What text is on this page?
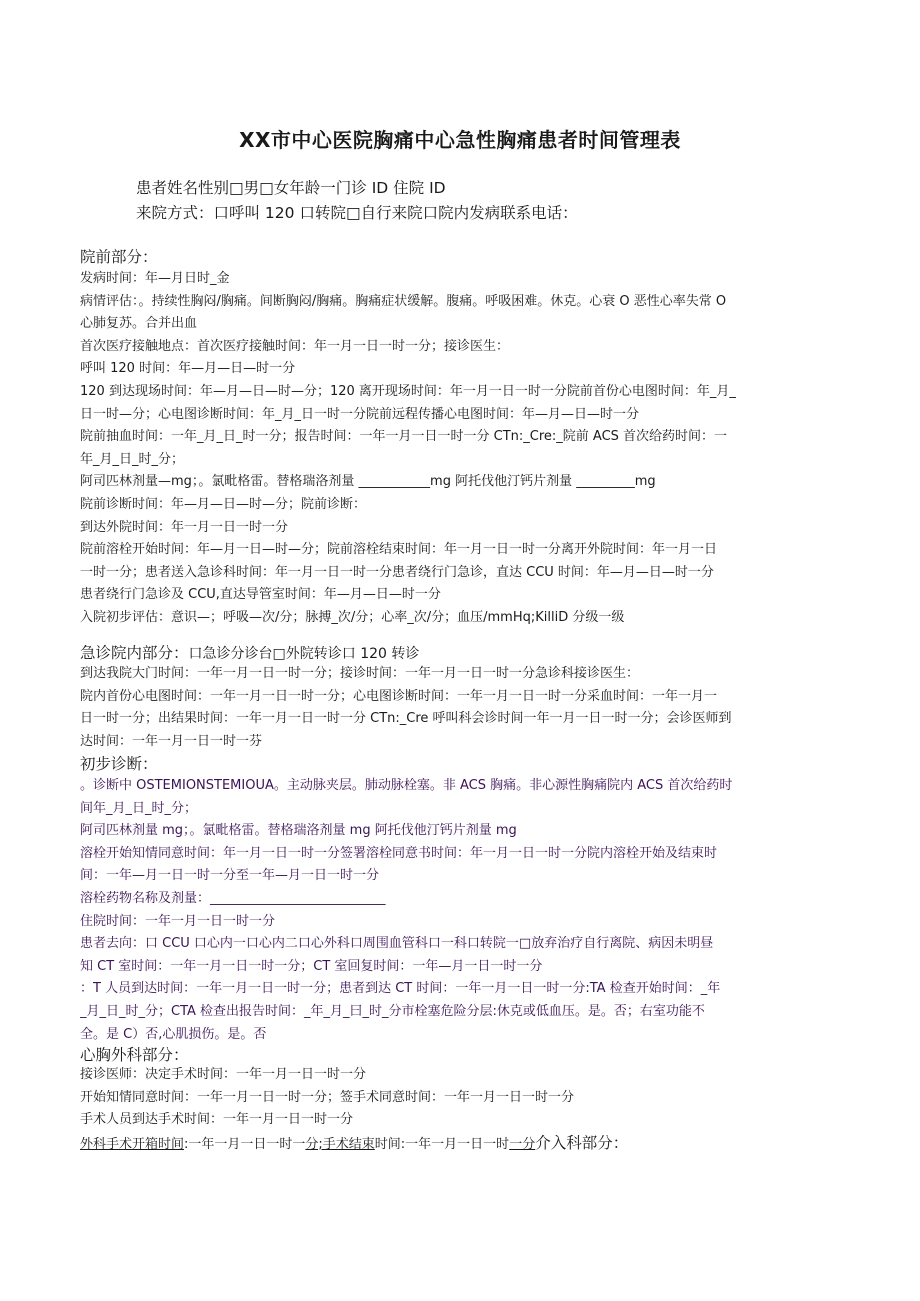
XX市中心医院胸痛中心急性胸痛患者时间管理表
患者姓名性别□男□女年龄一门诊 ID 住院 ID
来院方式：口呼叫 120 口转院□自行来院口院内发病联系电话：
院前部分：
发病时间：年—月日时_金
病情评估：。持续性胸闷/胸痛。间断胸闷/胸痛。胸痛症状缓解。腹痛。呼吸困难。休克。心衰 O 恶性心率失常 O
心肺复苏。合并出血
首次医疗接触地点：首次医疗接触时间：年一月一日一时一分；接诊医生：
呼叫 120 时间：年—月—日—时一分
120 到达现场时间：年—月—日—时—分；120 离开现场时间：年一月一日一时一分院前首份心电图时间：年_月_
日一时—分；心电图诊断时间：年_月_日一时一分院前远程传播心电图时间：年—月—日—时一分
院前抽血时间：一年_月_日_时一分；报告时间：一年一月一日一时一分 CTn:_Cre:_院前 ACS 首次给药时间：一
年_月_日_时_分；
阿司匹林剂量—mg；。氯毗格雷。替格瑞洛剂量 ___________mg 阿托伐他汀钙片剂量 _________mg
院前诊断时间：年—月—日—时—分；院前诊断：
到达外院时间：年一月一日一时一分
院前溶栓开始时间：年—月一日—时—分；院前溶栓结束时间：年一月一日一时一分离开外院时间：年一月一日
一时一分；患者送入急诊科时间：年一月一日一时一分患者绕行门急诊，直达 CCU 时间：年—月—日—时一分
患者绕行门急诊及 CCU,直达导管室时间：年—月—日—时一分
入院初步评估：意识—；呼吸—次/分；脉搏_次/分；心率_次/分；血压/mmHq;KilliD 分级一级
急诊院内部分：口急诊分诊台□外院转诊口 120 转诊
到达我院大门时间：一年一月一日一时一分；接诊时间：一年一月一日一时一分急诊科接诊医生：
院内首份心电图时间：一年一月一日一时一分；心电图诊断时间：一年一月一日一时一分采血时间：一年一月一
日一时一分；出结果时间：一年一月一日一时一分 CTn:_Cre 呼叫科会诊时间一年一月一日一时一分；会诊医师到
达时间：一年一月一日一时一芬
初步诊断：
。诊断中 OSTEMIONSTEMIOUA。主动脉夹层。肺动脉栓塞。非 ACS 胸痛。非心源性胸痛院内 ACS 首次给药时
间年_月_日_时_分；
阿司匹林剂量 mg；。氯毗格雷。替格瑞洛剂量 mg 阿托伐他汀钙片剂量 mg
溶栓开始知情同意时间：年一月一日一时一分签署溶栓同意书时间：年一月一日一时一分院内溶栓开始及结束时
间：一年—月一日一时一分至一年—月一日一时一分
溶栓药物名称及剂量：___________________________
住院时间：一年一月一日一时一分
患者去向：口 CCU 口心内一口心内二口心外科口周围血管科口一科口转院一□放弃治疗自行离院、病因未明昼
知 CT 室时间：一年一月一日一时一分；CT 室回复时间：一年—月一日一时一分
：T 人员到达时间：一年一月一日一时一分；患者到达 CT 时间：一年一月一日一时一分:TA 检查开始时间：_年
_月_日_时_分；CTA 检查出报告时间：_年_月_曰_时_分市栓塞危险分层:休克或低血压。是。否；右室功能不
全。是 C）否,心肌损伤。是。否
心胸外科部分：
接诊医师：决定手术时间：一年一月一日一时一分
开始知情同意时间：一年一月一日一时一分；签手术同意时间：一年一月一日一时一分
手术人员到达手术时间：一年一月一日一时一分
外科手术开箱时间:一年一月一日一时一分;手术结束时间:一年一月一日一时一分介入科部分：
